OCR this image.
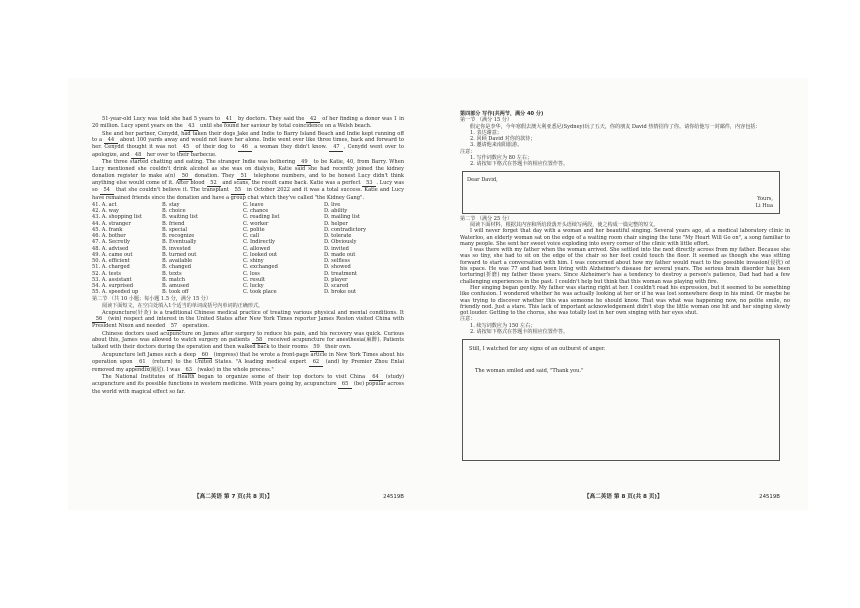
51-year-old Lucy was told she had 5 years to 41 by doctors. They said the 42 of her finding a donor was 1 in 20 million. Lucy spent years on the 43 until she found her saviour by total coincidence on a Welsh beach.

She and her partner, Cenydd, had taken their dogs Jake and Indie to Barry Island Beach and Indie kept running off to a 44 about 100 yards away and would not leave her alone. Indie went over like three times, back and forward to her. Cenydd thought it was not 45 of their dog to 46 a woman they didn't know. 47 , Cenydd went over to apologize, and 48 her over to their barbecue.

The three started chatting and eating. The stranger Indie was bothering 49 to be Katie, 40, from Barry. When Lucy mentioned she couldn't drink alcohol as she was on dialysis, Katie said she had recently joined the kidney donation register to make a(n) 50 donation. They 51 telephone numbers, and to be honest Lucy didn't think anything else would come of it. After blood 52 and scans, the result came back. Katie was a perfect 53 . Lucy was so 54 that she couldn't believe it. The transplant 55 in October 2022 and it was a total success. Katie and Lucy have remained friends since the donation and have a group chat which they've called "the Kidney Gang".

41. A. act	B. stay	C. leave	D. live
42. A. way	B. choice	C. chance	D. ability
43. A. shopping list	B. waiting list	C. reading list	D. mailing list
44. A. stranger	B. friend	C. worker	D. helper
45. A. frank	B. special	C. polite	D. contradictory
46. A. bother	B. recognize	C. call	D. tolerate
47. A. Secretly	B. Eventually	C. Indirectly	D. Obviously
48. A. advised	B. invested	C. allowed	D. invited
49. A. came out	B. turned out	C. looked out	D. made out
50. A. efficient	B. available	C. shiny	D. selfless
51. A. charged	B. changed	C. exchanged	D. showed
52. A. tests	B. texts	C. loss	D. treatment
53. A. assistant	B. match	C. result	D. player
54. A. surprised	B. amused	C. lucky	D. scared
55. A. speeded up	B. took off	C. took place	D. broke out
第二节 （共 10 小题；每小题 1.5 分，满分 15 分）
阅读下面短文，在空白处填入1个适当的单词或括号内单词的正确形式。

Acupuncture(针灸) is a traditional Chinese medical practice of treating various physical and mental conditions. It 56 (win) respect and interest in the United States after New York Times reporter James Reston visited China with President Nixon and needed 57 operation.

Chinese doctors used acupuncture on James after surgery to reduce his pain, and his recovery was quick. Curious about this, James was allowed to watch surgery on patients 58 received acupuncture for anesthesia(麻醉). Patients talked with their doctors during the operation and then walked back to their rooms 59 their own.

Acupuncture left James such a deep 60 (impress) that he wrote a front-page article in New York Times about his operation upon 61 (return) to the United States. "A leading medical expert 62 (and) by Premier Zhou Enlai removed my appendix(阑尾). I was 63 (wake) in the whole process."

The National Institutes of Health began to organize some of their top doctors to visit China 64 (study) acupuncture and its possible functions in western medicine. With years going by, acupuncture 65 (be) popular across the world with magical effect so far.

【高二英语 第 7 页(共 8 页)】	24519B
第四部分 写作(共两节，满分 40 分)
第一节 （满分 15 分）
假定你是李华，今年寒假去澳大利亚悉尼(Sydney)玩了五天，你的朋友 David 热情招待了你。请你给他写一封邮件，内容包括：
1. 表达谢意；
2. 回顾 David 对你的款待；
3. 邀请他来南阳旅游。
注意：
1. 写作词数应为 80 左右；
2. 请按如下格式在答题卡的相应位置作答。
Dear David,
Yours,
Li Hua
第二节 （满分 25 分）
阅读下面材料，根据其内容和所给段落开头语续写两段，使之构成一篇完整的短文。

I will never forget that day with a woman and her beautiful singing. Several years ago, at a medical laboratory clinic in Waterloo, an elderly woman sat on the edge of a waiting room chair singing the tune "My Heart Will Go on", a song familiar to many people. She sent her sweet voice exploding into every corner of the clinic with little effort.

I was there with my father when the woman arrived. She settled into the next directly across from my father. Because she was so tiny, she had to sit on the edge of the chair so her feet could touch the floor. It seemed as though she was sitting forward to start a conversation with him. I was concerned about how my father would react to the possible invasion(侵扰) of his space. He was 77 and had been living with Alzheimer's disease for several years. The serious brain disorder has been torturing(折磨) my father these years. Since Alzheimer's has a tendency to destroy a person's patience, Dad had had a few challenging experiences in the past. I couldn't help but think that this woman was playing with fire.

Her singing began gently. My father was staring right at her. I couldn't read his expression, but it seemed to be something like confusion. I wondered whether he was actually looking at her or if he was lost somewhere deep in his mind. Or maybe he was trying to discover whether this was someone he should know. That was what was happening now, no polite smile, no friendly nod. Just a stare. This lack of important acknowledgement didn't stop the little woman one bit and her singing slowly got louder. Getting to the chorus, she was totally lost in her own singing with her eyes shut.

注意：
1. 续写词数应为 150 左右；
2. 请按如下格式在答题卡的相应位置作答。
Still, I watched for any signs of an outburst of anger.
The woman smiled and said, "Thank you."
【高二英语 第 8 页(共 8 页)】	24519B
